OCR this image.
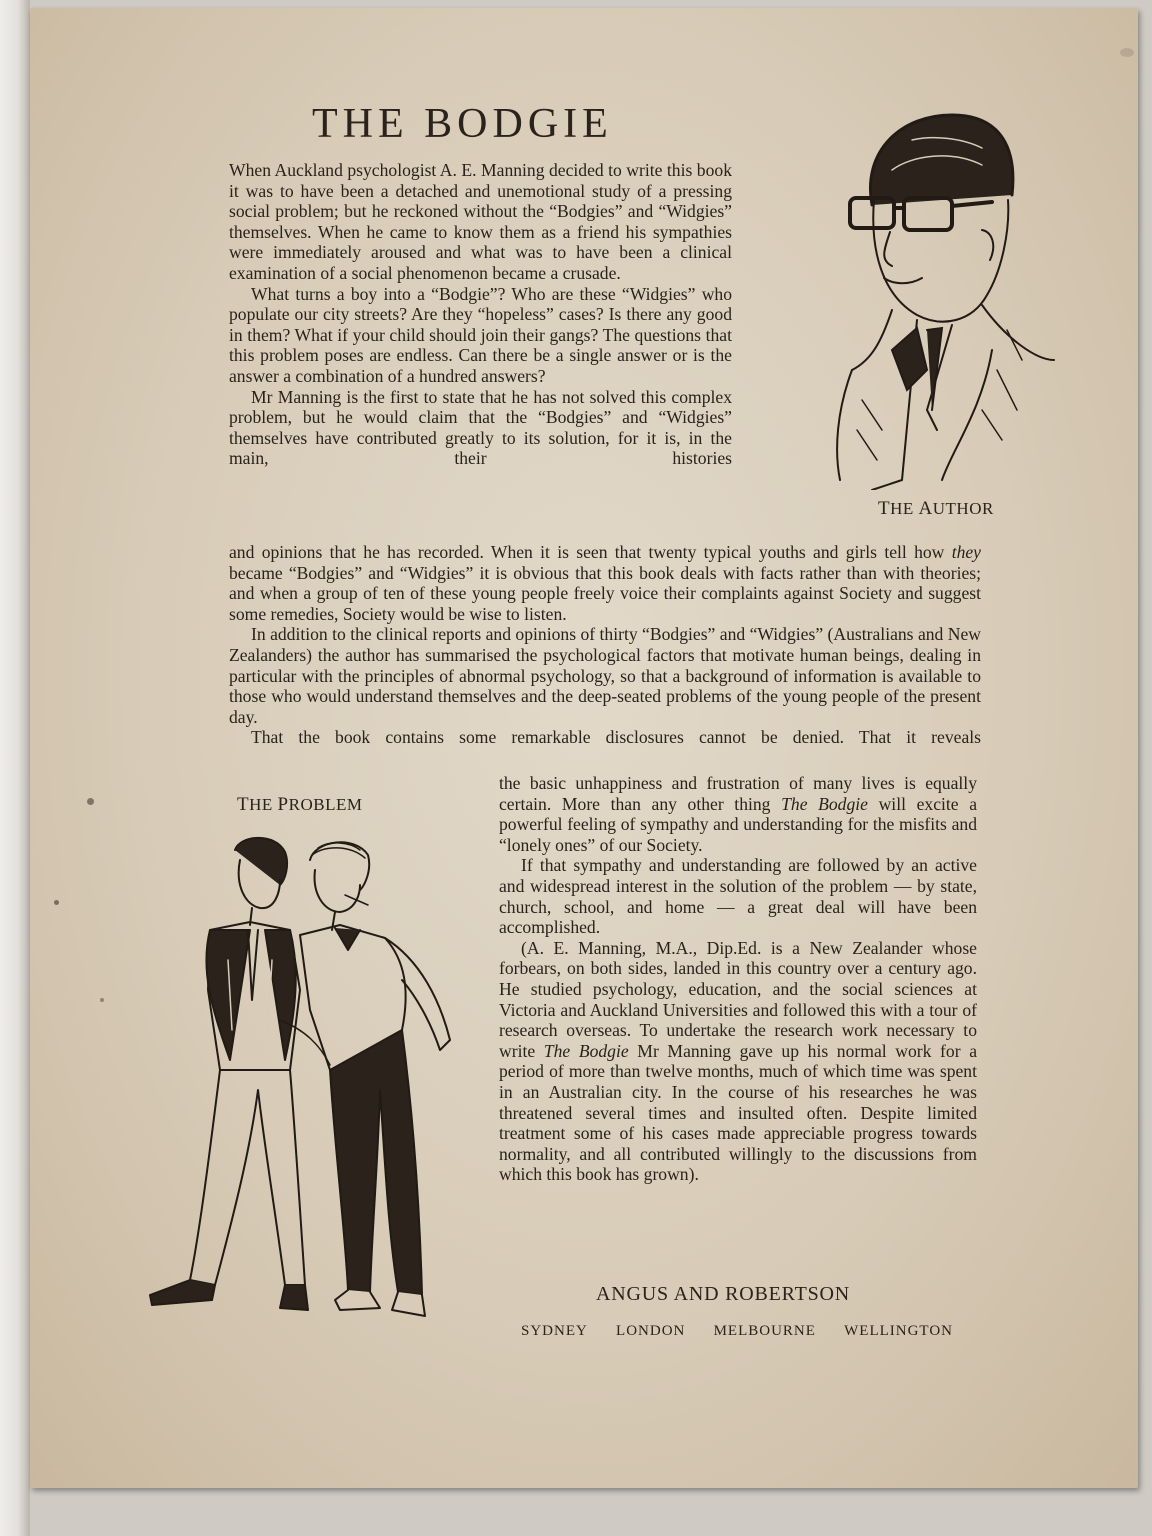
THE BODGIE

When Auckland psychologist A. E. Manning decided to write this book it was to have been a detached and unemotional study of a pressing social problem; but he reckoned without the “Bodgies” and “Widgies” themselves. When he came to know them as a friend his sympathies were immediately aroused and what was to have been a clinical examination of a social phenomenon became a crusade.

What turns a boy into a “Bodgie”? Who are these “Widgies” who populate our city streets? Are they “hopeless” cases? Is there any good in them? What if your child should join their gangs? The questions that this problem poses are endless. Can there be a single answer or is the answer a combination of a hundred answers?

Mr Manning is the first to state that he has not solved this complex problem, but he would claim that the “Bodgies” and “Widgies” themselves have contributed greatly to its solution, for it is, in the main, their histories

THE AUTHOR

and opinions that he has recorded. When it is seen that twenty typical youths and girls tell how they became “Bodgies” and “Widgies” it is obvious that this book deals with facts rather than with theories; and when a group of ten of these young people freely voice their complaints against Society and suggest some remedies, Society would be wise to listen.

In addition to the clinical reports and opinions of thirty “Bodgies” and “Widgies” (Australians and New Zealanders) the author has summarised the psychological factors that motivate human beings, dealing in particular with the principles of abnormal psychology, so that a background of information is available to those who would understand themselves and the deep-seated problems of the young people of the present day.

That the book contains some remarkable disclosures cannot be denied. That it reveals

THE PROBLEM

the basic unhappiness and frustration of many lives is equally certain. More than any other thing The Bodgie will excite a powerful feeling of sympathy and understanding for the misfits and “lonely ones” of our Society.

If that sympathy and understanding are followed by an active and widespread interest in the solution of the problem — by state, church, school, and home — a great deal will have been accomplished.

(A. E. Manning, M.A., Dip.Ed. is a New Zealander whose forbears, on both sides, landed in this country over a century ago. He studied psychology, education, and the social sciences at Victoria and Auckland Universities and followed this with a tour of research overseas. To undertake the research work necessary to write The Bodgie Mr Manning gave up his normal work for a period of more than twelve months, much of which time was spent in an Australian city. In the course of his researches he was threatened several times and insulted often. Despite limited treatment some of his cases made appreciable progress towards normality, and all contributed willingly to the discussions from which this book has grown).

ANGUS AND ROBERTSON
SYDNEY LONDON MELBOURNE WELLINGTON
